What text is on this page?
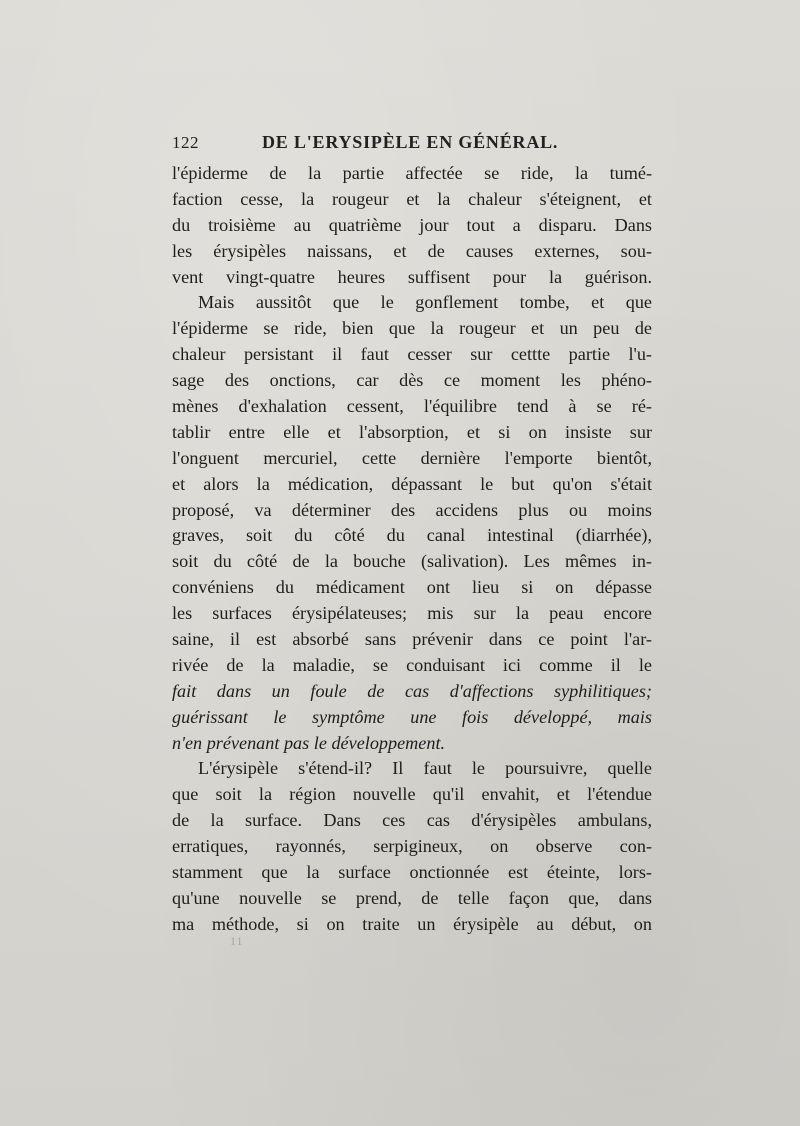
122	DE L'ERYSIPÈLE EN GÉNÉRAL.
l'épiderme de la partie affectée se ride, la tumé-
faction cesse, la rougeur et la chaleur s'éteignent, et
du troisième au quatrième jour tout a disparu. Dans
les érysipèles naissans, et de causes externes, sou-
vent vingt-quatre heures suffisent pour la guérison.
Mais aussitôt que le gonflement tombe, et que
l'épiderme se ride, bien que la rougeur et un peu de
chaleur persistant il faut cesser sur cettte partie l'u-
sage des onctions, car dès ce moment les phéno-
mènes d'exhalation cessent, l'équilibre tend à se ré-
tablir entre elle et l'absorption, et si on insiste sur
l'onguent mercuriel, cette dernière l'emporte bientôt,
et alors la médication, dépassant le but qu'on s'était
proposé, va déterminer des accidens plus ou moins
graves, soit du côté du canal intestinal (diarrhée),
soit du côté de la bouche (salivation). Les mêmes in-
convéniens du médicament ont lieu si on dépasse
les surfaces érysipélateuses; mis sur la peau encore
saine, il est absorbé sans prévenir dans ce point l'ar-
rivée de la maladie, se conduisant ici comme il le
fait dans un foule de cas d'affections syphilitiques;
guérissant le symptôme une fois développé, mais
n'en prévenant pas le développement.
L'érysipèle s'étend-il? Il faut le poursuivre, quelle
que soit la région nouvelle qu'il envahit, et l'étendue
de la surface. Dans ces cas d'érysipèles ambulans,
erratiques, rayonnés, serpigineux, on observe con-
stamment que la surface onctionnée est éteinte, lors-
qu'une nouvelle se prend, de telle façon que, dans
ma méthode, si on traite un érysipèle au début, on
11
